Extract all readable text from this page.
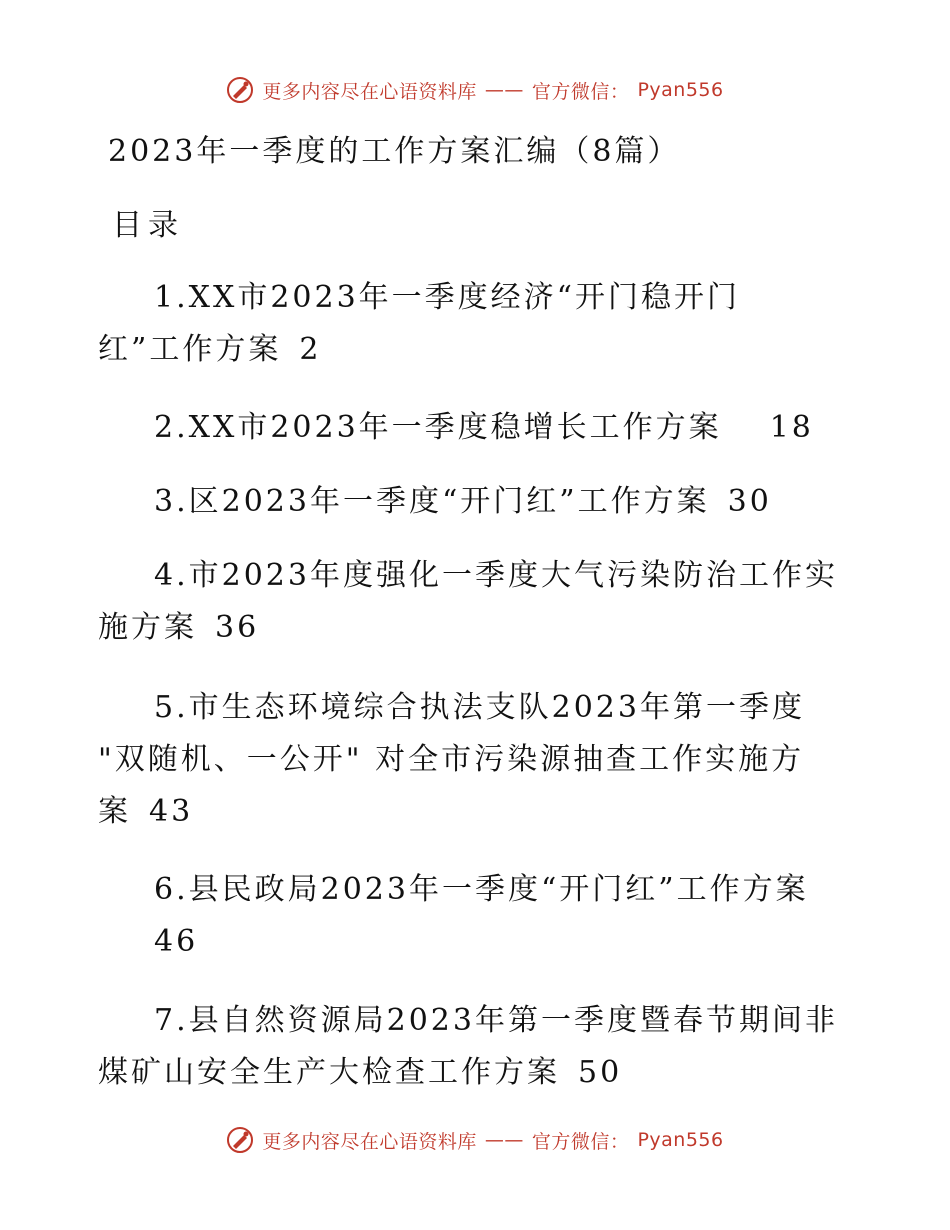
更多内容尽在心语资料库 —— 官方微信： Pyan556
2023年一季度的工作方案汇编（8篇）
目录
1.XX市2023年一季度经济“开门稳开门
红”工作方案 2
2.XX市2023年一季度稳增长工作方案 18
3.区2023年一季度“开门红”工作方案 30
4.市2023年度强化一季度大气污染防治工作实
施方案 36
5.市生态环境综合执法支队2023年第一季度
"双随机、一公开" 对全市污染源抽查工作实施方
案 43
6.县民政局2023年一季度“开门红”工作方案
46
7.县自然资源局2023年第一季度暨春节期间非
煤矿山安全生产大检查工作方案 50
更多内容尽在心语资料库 —— 官方微信： Pyan556
